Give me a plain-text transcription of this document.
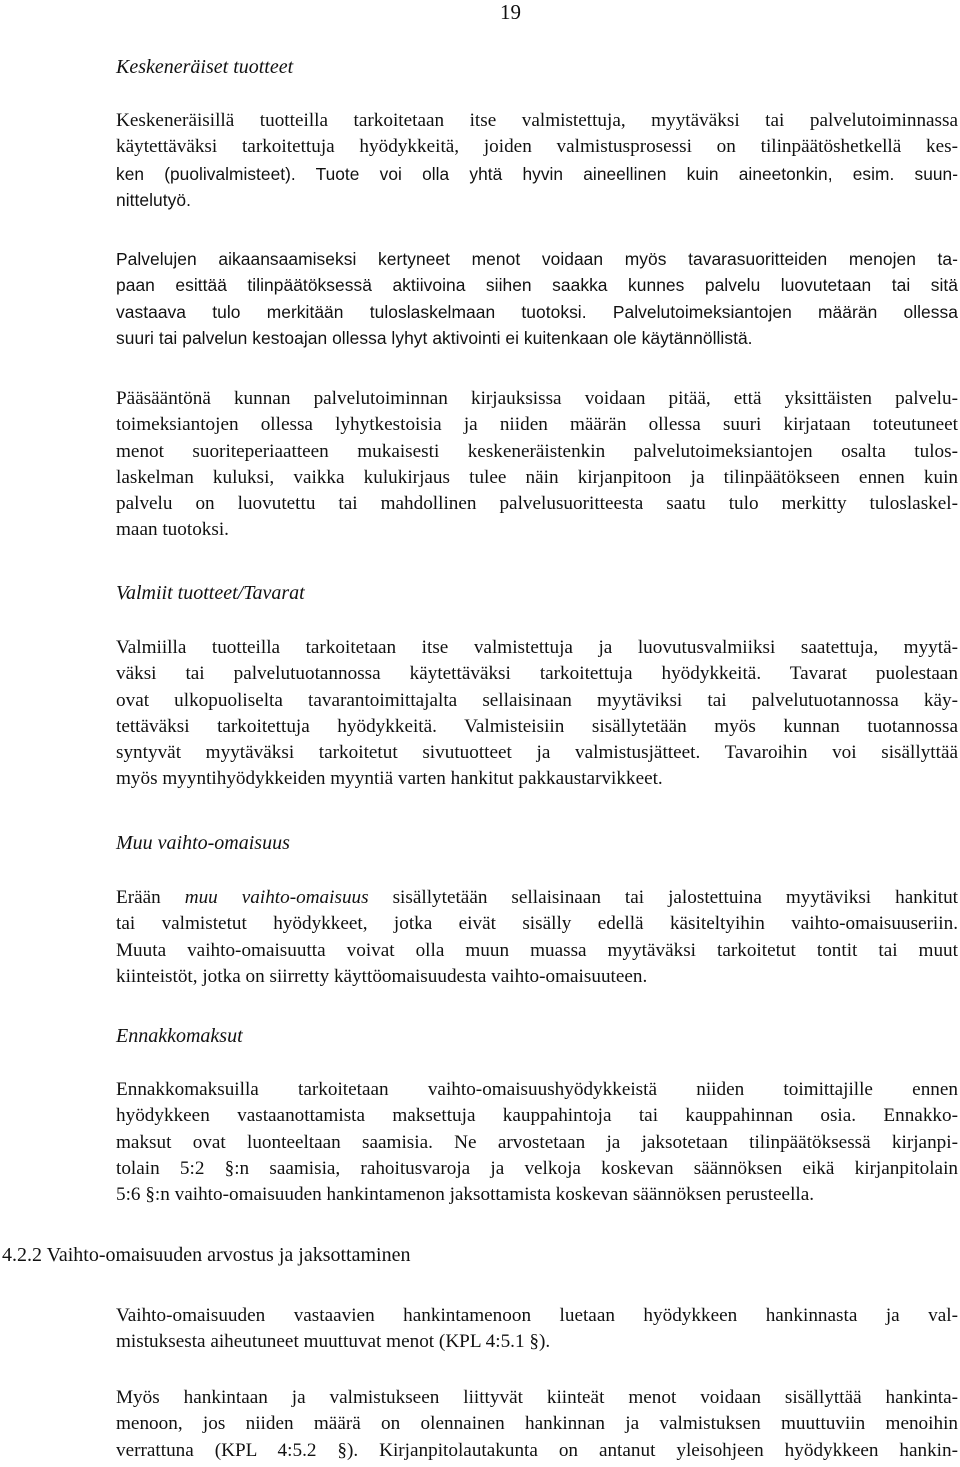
19

Keskeneräiset tuotteet

Keskeneräisillä tuotteilla tarkoitetaan itse valmistettuja, myytäväksi tai palvelutoiminnassa
käytettäväksi tarkoitettuja hyödykkeitä, joiden valmistusprosessi on tilinpäätöshetkellä kes-
ken (puolivalmisteet). Tuote voi olla yhtä hyvin aineellinen kuin aineetonkin, esim. suun-
nittelutyö.

Palvelujen aikaansaamiseksi kertyneet menot voidaan myös tavarasuoritteiden menojen ta-
paan esittää tilinpäätöksessä aktiivoina siihen saakka kunnes palvelu luovutetaan tai sitä
vastaava tulo merkitään tuloslaskelmaan tuotoksi. Palvelutoimeksiantojen määrän ollessa
suuri tai palvelun kestoajan ollessa lyhyt aktivointi ei kuitenkaan ole käytännöllistä.

Pääsääntönä kunnan palvelutoiminnan kirjauksissa voidaan pitää, että yksittäisten palvelu-
toimeksiantojen ollessa lyhytkestoisia ja niiden määrän ollessa suuri kirjataan toteutuneet
menot suoriteperiaatteen mukaisesti keskeneräistenkin palvelutoimeksiantojen osalta tulos-
laskelman kuluksi, vaikka kulukirjaus tulee näin kirjanpitoon ja tilinpäätökseen ennen kuin
palvelu on luovutettu tai mahdollinen palvelusuoritteesta saatu tulo merkitty tuloslaskel-
maan tuotoksi.

Valmiit tuotteet/Tavarat

Valmiilla tuotteilla tarkoitetaan itse valmistettuja ja luovutusvalmiiksi saatettuja, myytä-
väksi tai palvelutuotannossa käytettäväksi tarkoitettuja hyödykkeitä. Tavarat puolestaan
ovat ulkopuoliselta tavarantoimittajalta sellaisinaan myytäviksi tai palvelutuotannossa käy-
tettäväksi tarkoitettuja hyödykkeitä. Valmisteisiin sisällytetään myös kunnan tuotannossa
syntyvät myytäväksi tarkoitetut sivutuotteet ja valmistusjätteet. Tavaroihin voi sisällyttää
myös myyntihyödykkeiden myyntiä varten hankitut pakkaustarvikkeet.

Muu vaihto-omaisuus

Erään muu vaihto-omaisuus sisällytetään sellaisinaan tai jalostettuina myytäviksi hankitut
tai valmistetut hyödykkeet, jotka eivät sisälly edellä käsiteltyihin vaihto-omaisuuseriin.
Muuta vaihto-omaisuutta voivat olla muun muassa myytäväksi tarkoitetut tontit tai muut
kiinteistöt, jotka on siirretty käyttöomaisuudesta vaihto-omaisuuteen.

Ennakkomaksut

Ennakkomaksuilla tarkoitetaan vaihto-omaisuushyödykkeistä niiden toimittajille ennen
hyödykkeen vastaanottamista maksettuja kauppahintoja tai kauppahinnan osia. Ennakko-
maksut ovat luonteeltaan saamisia. Ne arvostetaan ja jaksotetaan tilinpäätöksessä kirjanpi-
tolain 5:2 §:n saamisia, rahoitusvaroja ja velkoja koskevan säännöksen eikä kirjanpitolain
5:6 §:n vaihto-omaisuuden hankintamenon jaksottamista koskevan säännöksen perusteella.

4.2.2 Vaihto-omaisuuden arvostus ja jaksottaminen

Vaihto-omaisuuden vastaavien hankintamenoon luetaan hyödykkeen hankinnasta ja val-
mistuksesta aiheutuneet muuttuvat menot (KPL 4:5.1 §).

Myös hankintaan ja valmistukseen liittyvät kiinteät menot voidaan sisällyttää hankinta-
menoon, jos niiden määrä on olennainen hankinnan ja valmistuksen muuttuviin menoihin
verrattuna (KPL 4:5.2 §). Kirjanpitolautakunta on antanut yleisohjeen hyödykkeen hankin-
